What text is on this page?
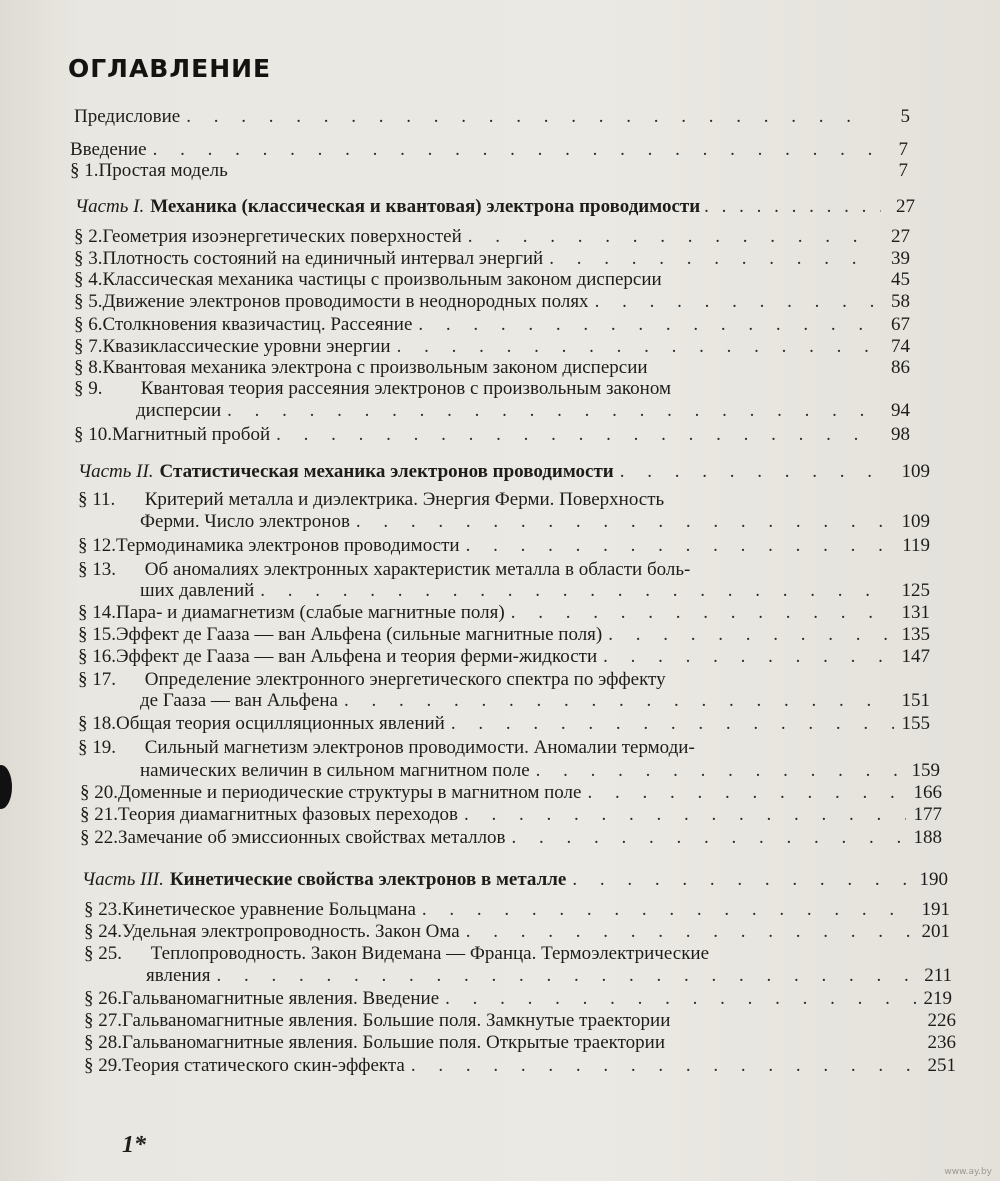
ОГЛАВЛЕНИЕ
Предисловие . . .	5
Введение . . .	7
§ 1. Простая модель	7
Часть I. Механика (классическая и квантовая) электрона проводимости . . .	27
§ 2. Геометрия изоэнергетических поверхностей . . .	27
§ 3. Плотность состояний на единичный интервал энергий . . .	39
§ 4. Классическая механика частицы с произвольным законом дисперсии	45
§ 5. Движение электронов проводимости в неоднородных полях . . .	58
§ 6. Столкновения квазичастиц. Рассеяние . . .	67
§ 7. Квазиклассические уровни энергии . . .	74
§ 8. Квантовая механика электрона с произвольным законом дисперсии	86
§ 9. Квантовая теория рассеяния электронов с произвольным законом
дисперсии . . .	94
§ 10. Магнитный пробой . . .	98
Часть II. Статистическая механика электронов проводимости . . .	109
§ 11. Критерий металла и диэлектрика. Энергия Ферми. Поверхность
Ферми. Число электронов . . .	109
§ 12. Термодинамика электронов проводимости . . .	119
§ 13. Об аномалиях электронных характеристик металла в области боль-
ших давлений . . .	125
§ 14. Пара- и диамагнетизм (слабые магнитные поля) . . .	131
§ 15. Эффект де Гааза — ван Альфена (сильные магнитные поля) . . .	135
§ 16. Эффект де Гааза — ван Альфена и теория ферми-жидкости . . .	147
§ 17. Определение электронного энергетического спектра по эффекту
де Гааза — ван Альфена . . .	151
§ 18. Общая теория осцилляционных явлений . . .	155
§ 19. Сильный магнетизм электронов проводимости. Аномалии термоди-
намических величин в сильном магнитном поле . . .	159
§ 20. Доменные и периодические структуры в магнитном поле . . .	166
§ 21. Теория диамагнитных фазовых переходов . . .	177
§ 22. Замечание об эмиссионных свойствах металлов . . .	188
Часть III. Кинетические свойства электронов в металле . . .	190
§ 23. Кинетическое уравнение Больцмана . . .	191
§ 24. Удельная электропроводность. Закон Ома . . .	201
§ 25. Теплопроводность. Закон Видемана — Франца. Термоэлектрические
явления . . .	211
§ 26. Гальваномагнитные явления. Введение . . .	219
§ 27. Гальваномагнитные явления. Большие поля. Замкнутые траектории	226
§ 28. Гальваномагнитные явления. Большие поля. Открытые траектории	236
§ 29. Теория статического скин-эффекта . . .	251
1*
www.ay.by
